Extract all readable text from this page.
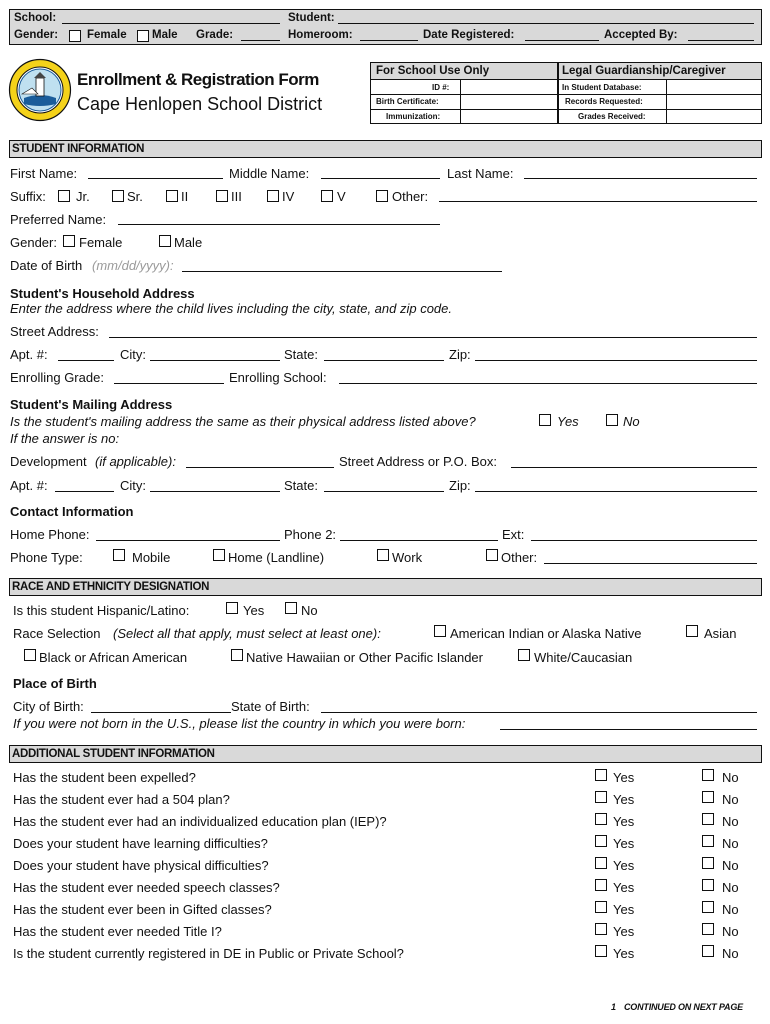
School:	Student:
Gender:	Female Male Grade:	Homeroom:	Date Registered:	Accepted By:
Enrollment & Registration Form
Cape Henlopen School District
For School Use Only
ID #:
Birth Certificate:
Immunization:
Legal Guardianship/Caregiver
In Student Database:
Records Requested:
Grades Received:
STUDENT INFORMATION
First Name:	Middle Name:	Last Name:
Suffix: Jr.	Sr.	II	III	IV	V	Other:
Preferred Name:
Gender: Female	Male
Date of Birth (mm/dd/yyyy):
Student's Household Address
Enter the address where the child lives including the city, state, and zip code.
Street Address:
Apt. #:	City:	State:	Zip:
Enrolling Grade:	Enrolling School:
Student's Mailing Address
Is the student's mailing address the same as their physical address listed above?	Yes	No
If the answer is no:
Development (if applicable):	Street Address or P.O. Box:
Apt. #:	City:	State:	Zip:
Contact Information
Home Phone:	Phone 2:	Ext:
Phone Type:	Mobile	Home (Landline)	Work	Other:
RACE AND ETHNICITY DESIGNATION
Is this student Hispanic/Latino:	Yes	No
Race Selection (Select all that apply, must select at least one):	American Indian or Alaska Native	Asian
Black or African American	Native Hawaiian or Other Pacific Islander	White/Caucasian
Place of Birth
City of Birth:	State of Birth:
If you were not born in the U.S., please list the country in which you were born:
ADDITIONAL STUDENT INFORMATION
Has the student been expelled?	Yes	No
Has the student ever had a 504 plan?	Yes	No
Has the student ever had an individualized education plan (IEP)?	Yes	No
Does your student have learning difficulties?	Yes	No
Does your student have physical difficulties?	Yes	No
Has the student ever needed speech classes?	Yes	No
Has the student ever been in Gifted classes?	Yes	No
Has the student ever needed Title I?	Yes	No
Is the student currently registered in DE in Public or Private School?	Yes	No
1 CONTINUED ON NEXT PAGE
